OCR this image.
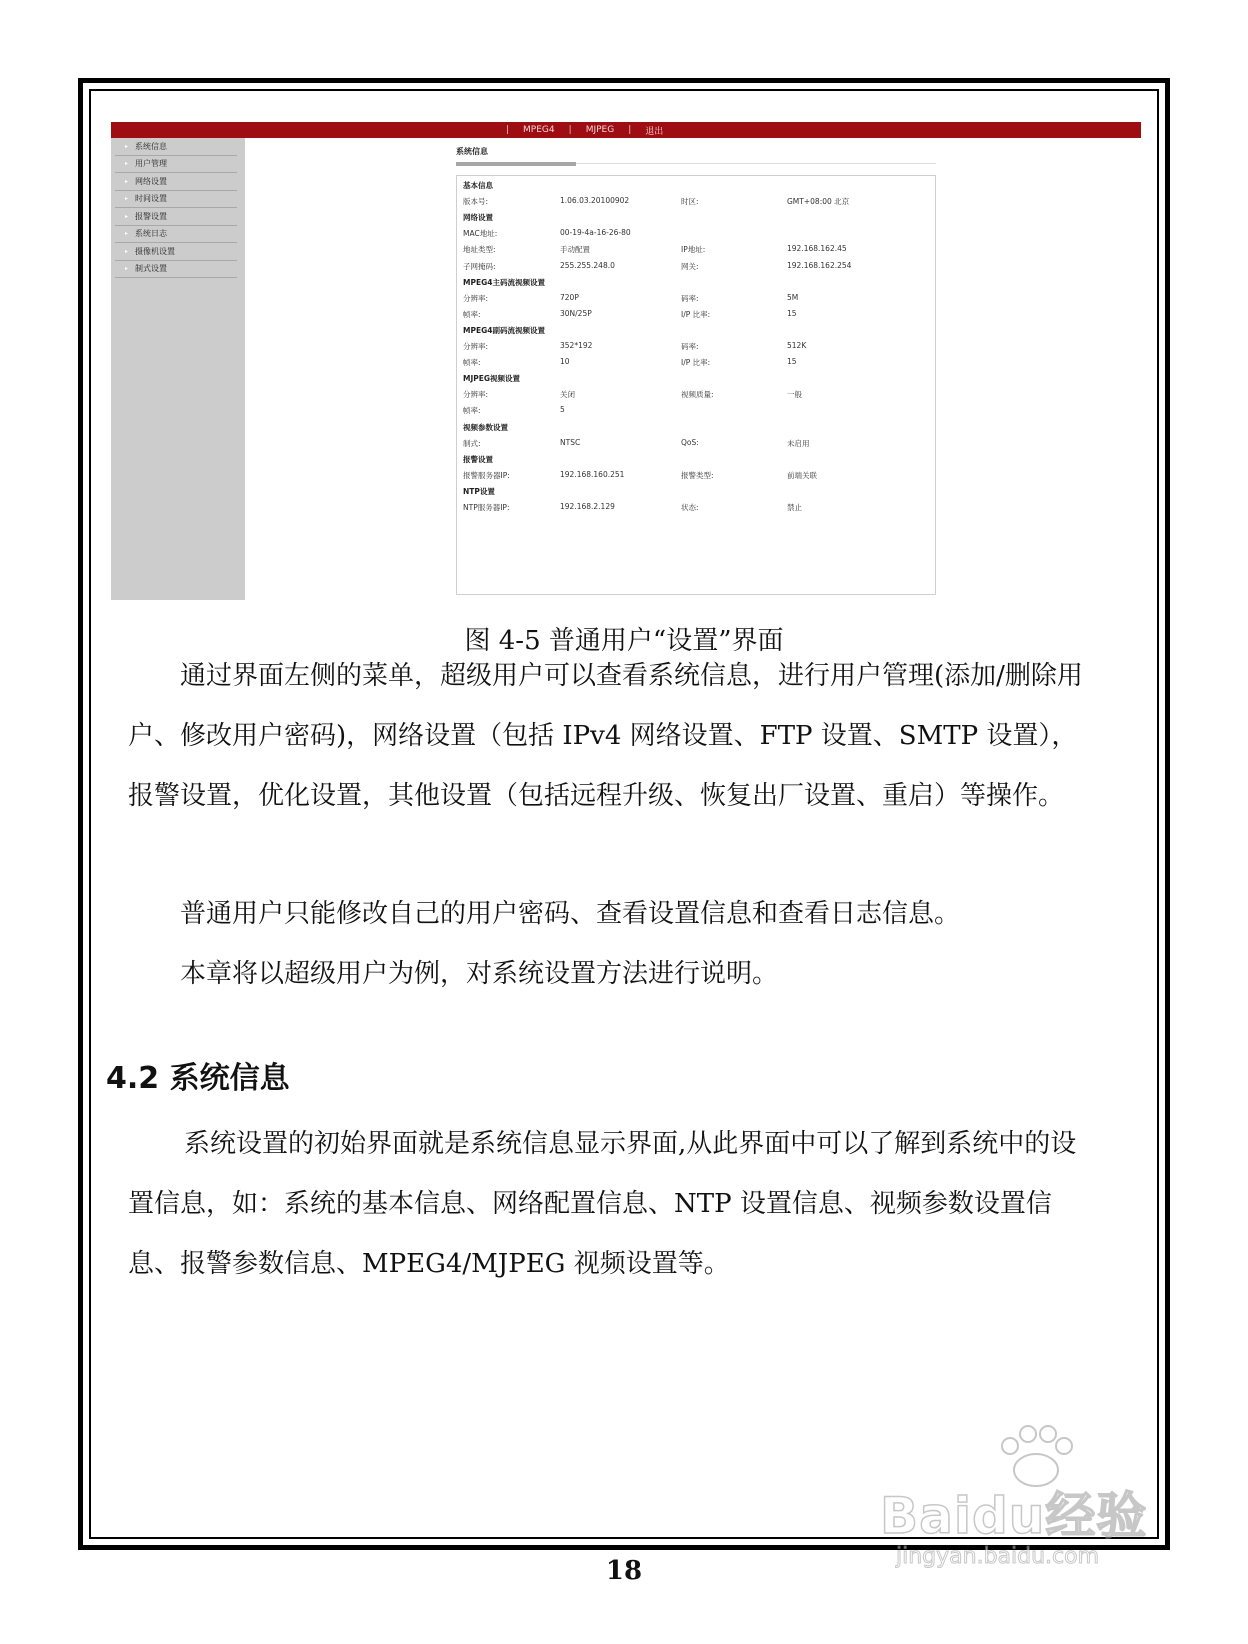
| MPEG4 | MJPEG | 退出
▸ 系统信息
▸ 用户管理
▸ 网络设置
▸ 时间设置
▸ 报警设置
▸ 系统日志
▸ 摄像机设置
▸ 制式设置
系统信息
基本信息
版本号:	1.06.03.20100902	时区:	GMT+08:00 北京
网络设置
MAC地址:	00-19-4a-16-26-80
地址类型:	手动配置	IP地址:	192.168.162.45
子网掩码:	255.255.248.0	网关:	192.168.162.254
MPEG4主码流视频设置
分辨率:	720P	码率:	5M
帧率:	30N/25P	I/P 比率:	15
MPEG4副码流视频设置
分辨率:	352*192	码率:	512K
帧率:	10	I/P 比率:	15
MJPEG视频设置
分辨率:	关闭	视频质量:	一般
帧率:	5
视频参数设置
制式:	NTSC	QoS:	未启用
报警设置
报警服务器IP:	192.168.160.251	报警类型:	前端关联
NTP设置
NTP服务器IP:	192.168.2.129	状态:	禁止
图 4-5 普通用户“设置”界面
通过界面左侧的菜单，超级用户可以查看系统信息，进行用户管理(添加/删除用户、修改用户密码)，网络设置（包括 IPv4 网络设置、FTP 设置、SMTP 设置），报警设置，优化设置，其他设置（包括远程升级、恢复出厂设置、重启）等操作。
普通用户只能修改自己的用户密码、查看设置信息和查看日志信息。
本章将以超级用户为例，对系统设置方法进行说明。
4.2 系统信息
系统设置的初始界面就是系统信息显示界面,从此界面中可以了解到系统中的设置信息，如：系统的基本信息、网络配置信息、NTP 设置信息、视频参数设置信息、报警参数信息、MPEG4/MJPEG 视频设置等。
18
Baidu经验
jingyan.baidu.com
